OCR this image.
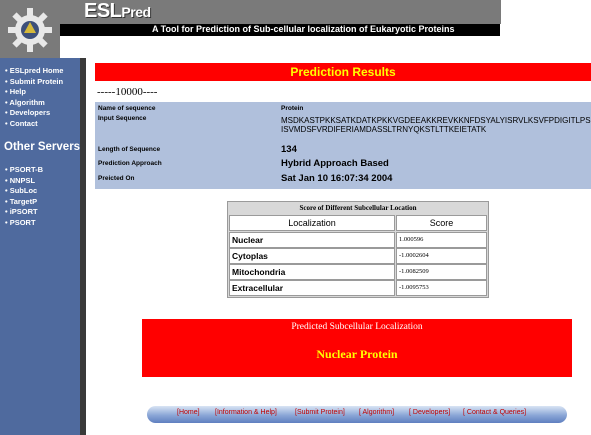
ESLPred
A Tool for Prediction of Sub-cellular localization of Eukaryotic Proteins
• ESLpred Home
• Submit Protein
• Help
• Algorithm
• Developers
• Contact
Other Servers
• PSORT-B
• NNPSL
• SubLoc
• TargetP
• iPSORT
• PSORT
Prediction Results
-----10000----
Name of sequence	Protein
Input Sequence	MSDKASTPKKSATKDATKPKKVGDEEAKKREVKKNFDSYALYISRVLKSVFPDIGITLPSISVMDSFVRDIFERIAMDASSLTRNYQKSTLTTKEIETATK
Length of Sequence	134
Prediction Approach	Hybrid Approach Based
Preicted On	Sat Jan 10 16:07:34 2004
Score of Different Subcellular Location
Localization	Score
Nuclear	1.000596
Cytoplas	-1.0002604
Mitochondria	-1.0082509
Extracellular	-1.0095753
Predicted Subcellular Localization
Nuclear Protein
[Home] [Information & Help]	[Submit Protein] [ Algorithm] [ Developers] [ Contact & Queries]
